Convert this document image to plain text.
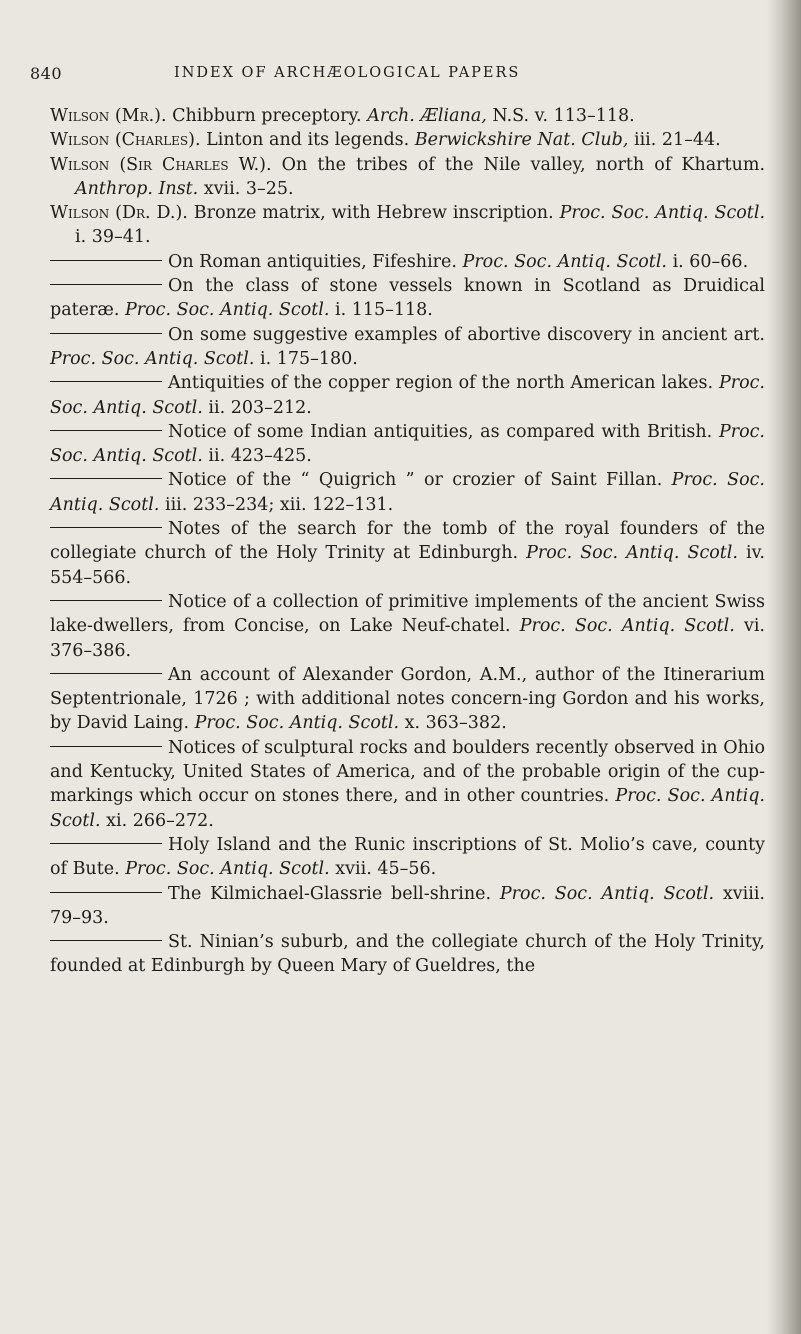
840	INDEX OF ARCHÆOLOGICAL PAPERS

Wilson (Mr.). Chibburn preceptory. Arch. Æliana, N.S. v. 113–118.

Wilson (Charles). Linton and its legends. Berwickshire Nat. Club, iii. 21–44.

Wilson (Sir Charles W.). On the tribes of the Nile valley, north of Khartum. Anthrop. Inst. xvii. 3–25.

Wilson (Dr. D.). Bronze matrix, with Hebrew inscription. Proc. Soc. Antiq. Scotl. i. 39–41.

On Roman antiquities, Fifeshire. Proc. Soc. Antiq. Scotl. i. 60–66.

On the class of stone vessels known in Scotland as Druidical pateræ. Proc. Soc. Antiq. Scotl. i. 115–118.

On some suggestive examples of abortive discovery in ancient art. Proc. Soc. Antiq. Scotl. i. 175–180.

Antiquities of the copper region of the north American lakes. Proc. Soc. Antiq. Scotl. ii. 203–212.

Notice of some Indian antiquities, as compared with British. Proc. Soc. Antiq. Scotl. ii. 423–425.

Notice of the “ Quigrich ” or crozier of Saint Fillan. Proc. Soc. Antiq. Scotl. iii. 233–234; xii. 122–131.

Notes of the search for the tomb of the royal founders of the collegiate church of the Holy Trinity at Edinburgh. Proc. Soc. Antiq. Scotl. iv. 554–566.

Notice of a collection of primitive implements of the ancient Swiss lake-dwellers, from Concise, on Lake Neuf-chatel. Proc. Soc. Antiq. Scotl. vi. 376–386.

An account of Alexander Gordon, A.M., author of the Itinerarium Septentrionale, 1726 ; with additional notes concern-ing Gordon and his works, by David Laing. Proc. Soc. Antiq. Scotl. x. 363–382.

Notices of sculptural rocks and boulders recently observed in Ohio and Kentucky, United States of America, and of the probable origin of the cup-markings which occur on stones there, and in other countries. Proc. Soc. Antiq. Scotl. xi. 266–272.

Holy Island and the Runic inscriptions of St. Molio’s cave, county of Bute. Proc. Soc. Antiq. Scotl. xvii. 45–56.

The Kilmichael-Glassrie bell-shrine. Proc. Soc. Antiq. Scotl. xviii. 79–93.

St. Ninian’s suburb, and the collegiate church of the Holy Trinity, founded at Edinburgh by Queen Mary of Gueldres, the
